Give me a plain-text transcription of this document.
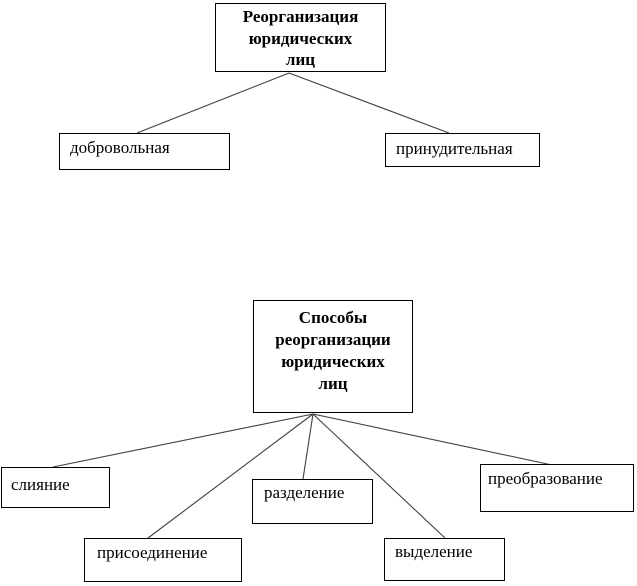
Реорганизация
юридических
лиц
добровольная	принудительная
Способы
реорганизации
юридических
лиц
слияние
присоединение
разделение
выделение
преобразование
